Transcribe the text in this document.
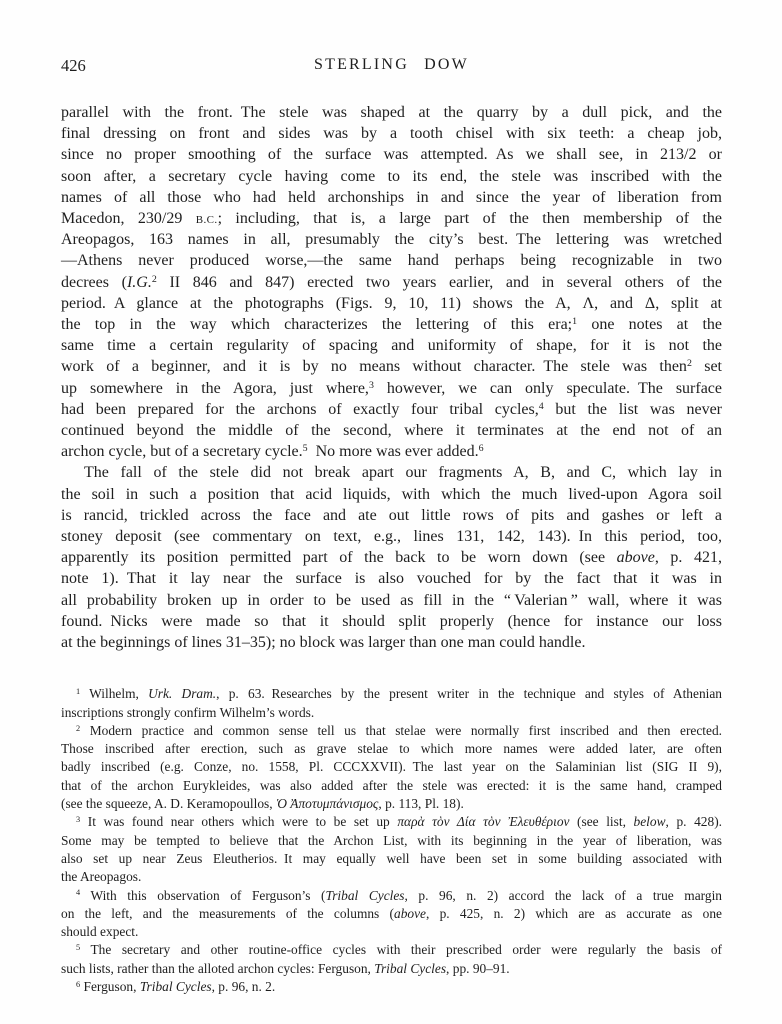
426	STERLING DOW
parallel with the front. The stele was shaped at the quarry by a dull pick, and the
final dressing on front and sides was by a tooth chisel with six teeth: a cheap job,
since no proper smoothing of the surface was attempted. As we shall see, in 213/2 or
soon after, a secretary cycle having come to its end, the stele was inscribed with the
names of all those who had held archonships in and since the year of liberation from
Macedon, 230/29 B.C.; including, that is, a large part of the then membership of the
Areopagos, 163 names in all, presumably the city’s best. The lettering was wretched
—Athens never produced worse,—the same hand perhaps being recognizable in two
decrees (I.G.$^2$ II 846 and 847) erected two years earlier, and in several others of the
period. A glance at the photographs (Figs. 9, 10, 11) shows the A, Λ, and Δ, split at
the top in the way which characterizes the lettering of this era;$^1$ one notes at the
same time a certain regularity of spacing and uniformity of shape, for it is not the
work of a beginner, and it is by no means without character. The stele was then$^2$ set
up somewhere in the Agora, just where,$^3$ however, we can only speculate. The surface
had been prepared for the archons of exactly four tribal cycles,$^4$ but the list was never
continued beyond the middle of the second, where it terminates at the end not of an
archon cycle, but of a secretary cycle.$^5$ No more was ever added.$^6$
The fall of the stele did not break apart our fragments A, B, and C, which lay in
the soil in such a position that acid liquids, with which the much lived-upon Agora soil
is rancid, trickled across the face and ate out little rows of pits and gashes or left a
stoney deposit (see commentary on text, e.g., lines 131, 142, 143). In this period, too,
apparently its position permitted part of the back to be worn down (see above, p. 421,
note 1). That it lay near the surface is also vouched for by the fact that it was in
all probability broken up in order to be used as fill in the “ Valerian ” wall, where it was
found. Nicks were made so that it should split properly (hence for instance our loss
at the beginnings of lines 31–35); no block was larger than one man could handle.
$^1$ Wilhelm, Urk. Dram., p. 63. Researches by the present writer in the technique and styles of Athenian
inscriptions strongly confirm Wilhelm’s words.
$^2$ Modern practice and common sense tell us that stelae were normally first inscribed and then erected.
Those inscribed after erection, such as grave stelae to which more names were added later, are often
badly inscribed (e.g. Conze, no. 1558, Pl. CCCXXVII). The last year on the Salaminian list (SIG II 9),
that of the archon Eurykleides, was also added after the stele was erected: it is the same hand, cramped
(see the squeeze, A. D. Keramopoullos, Ὁ Ἀποτυμπάνισμος, p. 113, Pl. 18).
$^3$ It was found near others which were to be set up παρὰ τὸν Δία τὸν Ἐλευθέριον (see list, below, p. 428).
Some may be tempted to believe that the Archon List, with its beginning in the year of liberation, was
also set up near Zeus Eleutherios. It may equally well have been set in some building associated with
the Areopagos.
$^4$ With this observation of Ferguson’s (Tribal Cycles, p. 96, n. 2) accord the lack of a true margin
on the left, and the measurements of the columns (above, p. 425, n. 2) which are as accurate as one
should expect.
$^5$ The secretary and other routine-office cycles with their prescribed order were regularly the basis of
such lists, rather than the alloted archon cycles: Ferguson, Tribal Cycles, pp. 90–91.
$^6$ Ferguson, Tribal Cycles, p. 96, n. 2.
